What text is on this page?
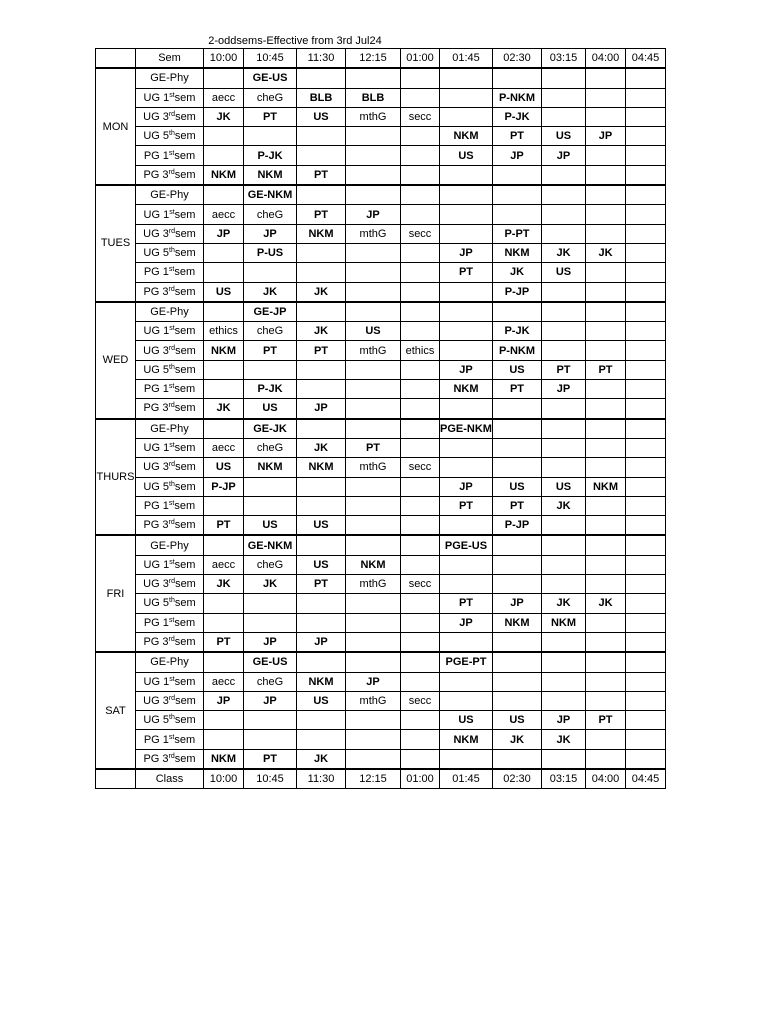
2-oddsems-Effective from 3rd Jul24
	Sem	10:00	10:45	11:30	12:15	01:00	01:45	02:30	03:15	04:00	04:45
MON	GE-Phy		GE-US								
	UG 1stsem	aecc	cheG	BLB	BLB			P-NKM			
	UG 3rdsem	JK	PT	US	mthG	secc		P-JK			
	UG 5thsem						NKM	PT	US	JP	
	PG 1stsem		P-JK				US	JP	JP		
	PG 3rdsem	NKM	NKM	PT							
TUES	GE-Phy		GE-NKM								
	UG 1stsem	aecc	cheG	PT	JP						
	UG 3rdsem	JP	JP	NKM	mthG	secc		P-PT			
	UG 5thsem		P-US				JP	NKM	JK	JK	
	PG 1stsem						PT	JK	US		
	PG 3rdsem	US	JK	JK				P-JP			
WED	GE-Phy		GE-JP								
	UG 1stsem	ethics	cheG	JK	US			P-JK			
	UG 3rdsem	NKM	PT	PT	mthG	ethics		P-NKM			
	UG 5thsem						JP	US	PT	PT	
	PG 1stsem		P-JK				NKM	PT	JP		
	PG 3rdsem	JK	US	JP							
THURS	GE-Phy		GE-JK				PGE-NKM				
	UG 1stsem	aecc	cheG	JK	PT						
	UG 3rdsem	US	NKM	NKM	mthG	secc					
	UG 5thsem	P-JP					JP	US	US	NKM	
	PG 1stsem						PT	PT	JK		
	PG 3rdsem	PT	US	US				P-JP			
FRI	GE-Phy		GE-NKM				PGE-US				
	UG 1stsem	aecc	cheG	US	NKM						
	UG 3rdsem	JK	JK	PT	mthG	secc					
	UG 5thsem						PT	JP	JK	JK	
	PG 1stsem						JP	NKM	NKM		
	PG 3rdsem	PT	JP	JP							
SAT	GE-Phy		GE-US				PGE-PT				
	UG 1stsem	aecc	cheG	NKM	JP						
	UG 3rdsem	JP	JP	US	mthG	secc					
	UG 5thsem						US	US	JP	PT	
	PG 1stsem						NKM	JK	JK		
	PG 3rdsem	NKM	PT	JK							
	Class	10:00	10:45	11:30	12:15	01:00	01:45	02:30	03:15	04:00	04:45
